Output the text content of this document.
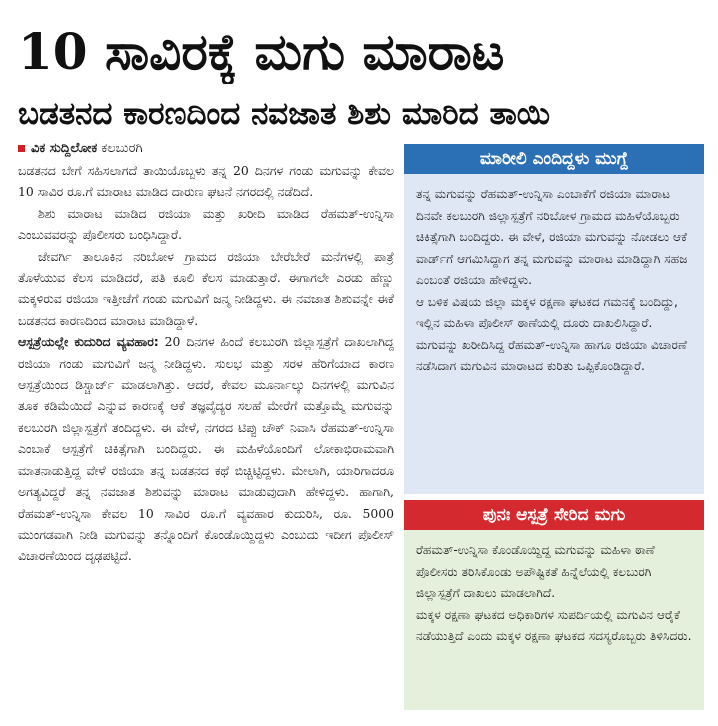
10 ಸಾವಿರಕ್ಕೆ ಮಗು ಮಾರಾಟ
ಬಡತನದ ಕಾರಣದಿಂದ ನವಜಾತ ಶಿಶು ಮಾರಿದ ತಾಯಿ
ವಿಕ ಸುದ್ದಿಲೋಕ ಕಲಬುರಗಿ

ಬಡತನದ ಬೇಗೆ ಸಹಿಸಲಾಗದೆ ತಾಯಿಯೊಬ್ಬಳು ತನ್ನ 20 ದಿನಗಳ ಗಂಡು ಮಗುವನ್ನು ಕೇವಲ 10 ಸಾವಿರ ರೂ.ಗೆ ಮಾರಾಟ ಮಾಡಿದ ದಾರುಣ ಘಟನೆ ನಗರದಲ್ಲಿ ನಡೆದಿದೆ.

ಶಿಶು ಮಾರಾಟ ಮಾಡಿದ ರಜಿಯಾ ಮತ್ತು ಖರೀದಿ ಮಾಡಿದ ರೆಹಮತ್-ಉನ್ನಿಸಾ ಎಂಬುವವರನ್ನು ಪೊಲೀಸರು ಬಂಧಿಸಿದ್ದಾರೆ.

ಜೇವರ್ಗಿ ತಾಲೂಕಿನ ನರಿಬೋಳ ಗ್ರಾಮದ ರಜಿಯಾ ಬೇರೆಬೇರೆ ಮನೆಗಳಲ್ಲಿ ಪಾತ್ರೆ ತೊಳೆಯುವ ಕೆಲಸ ಮಾಡಿದರೆ, ಪತಿ ಕೂಲಿ ಕೆಲಸ ಮಾಡುತ್ತಾರೆ. ಈಗಾಗಲೇ ಎರಡು ಹೆಣ್ಣು ಮಕ್ಕಳಿರುವ ರಜಿಯಾ ಇತ್ತೀಚೆಗೆ ಗಂಡು ಮಗುವಿಗೆ ಜನ್ಮ ನೀಡಿದ್ದಳು. ಈ ನವಜಾತ ಶಿಶುವನ್ನೇ ಈಕೆ ಬಡತನದ ಕಾರಣದಿಂದ ಮಾರಾಟ ಮಾಡಿದ್ದಾಳೆ.

ಆಸ್ಪತ್ರೆಯಲ್ಲೇ ಕುದುರಿದ ವ್ಯವಹಾರ: 20 ದಿನಗಳ ಹಿಂದೆ ಕಲಬುರಗಿ ಜಿಲ್ಲಾಸ್ಪತ್ರೆಗೆ ದಾಖಲಾಗಿದ್ದ ರಜಿಯಾ ಗಂಡು ಮಗುವಿಗೆ ಜನ್ಮ ನೀಡಿದ್ದಳು. ಸುಲಭ ಮತ್ತು ಸರಳ ಹೆರಿಗೆಯಾದ ಕಾರಣ ಆಸ್ಪತ್ರೆಯಿಂದ ಡಿಸ್ಚಾರ್ಜ್ ಮಾಡಲಾಗಿತ್ತು. ಆದರೆ, ಕೇವಲ ಮೂರ್ನಾಲ್ಕು ದಿನಗಳಲ್ಲಿ ಮಗುವಿನ ತೂಕ ಕಡಿಮೆಯಿದೆ ಎನ್ನುವ ಕಾರಣಕ್ಕೆ ಆಕೆ ತಜ್ಞವೈದ್ಯರ ಸಲಹೆ ಮೇರೆಗೆ ಮತ್ತೊಮ್ಮೆ ಮಗುವನ್ನು ಕಲಬುರಗಿ ಜಿಲ್ಲಾಸ್ಪತ್ರೆಗೆ ತಂದಿದ್ದಳು. ಈ ವೇಳೆ, ನಗರದ ಟಿಪ್ಪು ಚೌಕ್ ನಿವಾಸಿ ರೆಹಮತ್-ಉನ್ನಿಸಾ ಎಂಬಾಕೆ ಆಸ್ಪತ್ರೆಗೆ ಚಿಕಿತ್ಸೆಗಾಗಿ ಬಂದಿದ್ದರು. ಈ ಮಹಿಳೆಯೊಂದಿಗೆ ಲೋಕಾಭಿರಾಮವಾಗಿ ಮಾತನಾಡುತ್ತಿದ್ದ ವೇಳೆ ರಜಿಯಾ ತನ್ನ ಬಡತನದ ಕಥೆ ಬಿಚ್ಚಿಟ್ಟಿದ್ದಳು. ಮೇಲಾಗಿ, ಯಾರಿಗಾದರೂ ಅಗತ್ಯವಿದ್ದರೆ ತನ್ನ ನವಜಾತ ಶಿಶುವನ್ನು ಮಾರಾಟ ಮಾಡುವುದಾಗಿ ಹೇಳಿದ್ದಳು. ಹಾಗಾಗಿ, ರೆಹಮತ್-ಉನ್ನಿಸಾ ಕೇವಲ 10 ಸಾವಿರ ರೂ.ಗೆ ವ್ಯವಹಾರ ಕುದುರಿಸಿ, ರೂ. 5000 ಮುಂಗಡವಾಗಿ ನೀಡಿ ಮಗುವನ್ನು ತನ್ನೊಂದಿಗೆ ಕೊಂಡೊಯ್ದಿದ್ದಳು ಎಂಬುದು ಇದೀಗ ಪೊಲೀಸ್ ವಿಚಾರಣೆಯಿಂದ ದೃಢಪಟ್ಟಿದೆ.

ಮಾರೀಲಿ ಎಂದಿದ್ದಳು ಮುಗ್ದೆ

ತನ್ನ ಮಗುವನ್ನು ರೆಹಮತ್-ಉನ್ನಿಸಾ ಎಂಬಾಕೆಗೆ ರಜಿಯಾ ಮಾರಾಟ ದಿನವೇ ಕಲಬುರಗಿ ಜಿಲ್ಲಾಸ್ಪತ್ರೆಗೆ ನರಿಬೋಳ ಗ್ರಾಮದ ಮಹಿಳೆಯೊಬ್ಬರು ಚಿಕಿತ್ಸೆಗಾಗಿ ಬಂದಿದ್ದರು. ಈ ವೇಳೆ, ರಜಿಯಾ ಮಗುವನ್ನು ನೋಡಲು ಆಕೆ ವಾರ್ಡ್‌ಗೆ ಆಗಮಿಸಿದ್ದಾಗ ತನ್ನ ಮಗುವನ್ನು ಮಾರಾಟ ಮಾಡಿದ್ದಾಗಿ ಸಹಜ ಎಂಬಂತೆ ರಜಿಯಾ ಹೇಳಿದ್ದಳು.

ಆ ಬಳಿಕ ವಿಷಯ ಜಿಲ್ಲಾ ಮಕ್ಕಳ ರಕ್ಷಣಾ ಘಟಕದ ಗಮನಕ್ಕೆ ಬಂದಿದ್ದು, ಇಲ್ಲಿನ ಮಹಿಳಾ ಪೊಲೀಸ್ ಠಾಣೆಯಲ್ಲಿ ದೂರು ದಾಖಲಿಸಿದ್ದಾರೆ. ಮಗುವನ್ನು ಖರೀದಿಸಿದ್ದ ರೆಹಮತ್-ಉನ್ನಿಸಾ ಹಾಗೂ ರಜಿಯಾ ವಿಚಾರಣೆ ನಡೆಸಿದಾಗ ಮಗುವಿನ ಮಾರಾಟದ ಕುರಿತು ಒಪ್ಪಿಕೊಂಡಿದ್ದಾರೆ.

ಪುನಃ ಆಸ್ಪತ್ರೆ ಸೇರಿದ ಮಗು

ರೆಹಮತ್-ಉನ್ನಿಸಾ ಕೊಂಡೊಯ್ದಿದ್ದ ಮಗುವನ್ನು ಮಹಿಳಾ ಠಾಣೆ ಪೊಲೀಸರು ತರಿಸಿಕೊಂಡು ಅಪೌಷ್ಟಿಕತೆ ಹಿನ್ನೆಲೆಯಲ್ಲಿ ಕಲಬುರಗಿ ಜಿಲ್ಲಾಸ್ಪತ್ರೆಗೆ ದಾಖಲು ಮಾಡಲಾಗಿದೆ.

ಮಕ್ಕಳ ರಕ್ಷಣಾ ಘಟಕದ ಅಧಿಕಾರಿಗಳ ಸುಪರ್ದಿಯಲ್ಲಿ ಮಗುವಿನ ಆರೈಕೆ ನಡೆಯುತ್ತಿದೆ ಎಂದು ಮಕ್ಕಳ ರಕ್ಷಣಾ ಘಟಕದ ಸದಸ್ಯರೊಬ್ಬರು ತಿಳಿಸಿದರು.
